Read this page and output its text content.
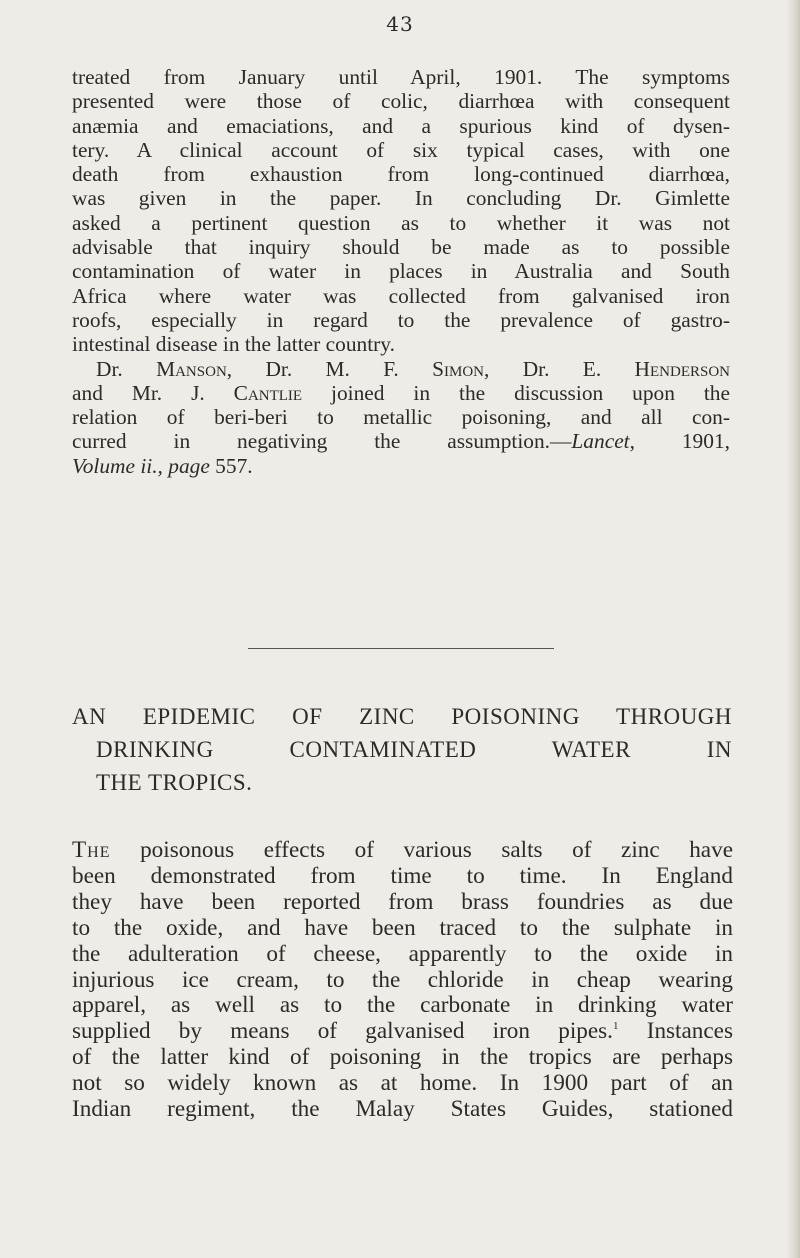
43
treated from January until April, 1901. The symptoms
presented were those of colic, diarrhœa with consequent
anæmia and emaciations, and a spurious kind of dysen-
tery. A clinical account of six typical cases, with one
death from exhaustion from long-continued diarrhœa,
was given in the paper. In concluding Dr. Gimlette
asked a pertinent question as to whether it was not
advisable that inquiry should be made as to possible
contamination of water in places in Australia and South
Africa where water was collected from galvanised iron
roofs, especially in regard to the prevalence of gastro-
intestinal disease in the latter country.
Dr. Manson, Dr. M. F. Simon, Dr. E. Henderson
and Mr. J. Cantlie joined in the discussion upon the
relation of beri-beri to metallic poisoning, and all con-
curred in negativing the assumption.—Lancet, 1901,
Volume ii., page 557.
AN EPIDEMIC OF ZINC POISONING THROUGH
DRINKING CONTAMINATED WATER IN
THE TROPICS.
The poisonous effects of various salts of zinc have
been demonstrated from time to time. In England
they have been reported from brass foundries as due
to the oxide, and have been traced to the sulphate in
the adulteration of cheese, apparently to the oxide in
injurious ice cream, to the chloride in cheap wearing
apparel, as well as to the carbonate in drinking water
supplied by means of galvanised iron pipes.$^1$ Instances
of the latter kind of poisoning in the tropics are perhaps
not so widely known as at home. In 1900 part of an
Indian regiment, the Malay States Guides, stationed
